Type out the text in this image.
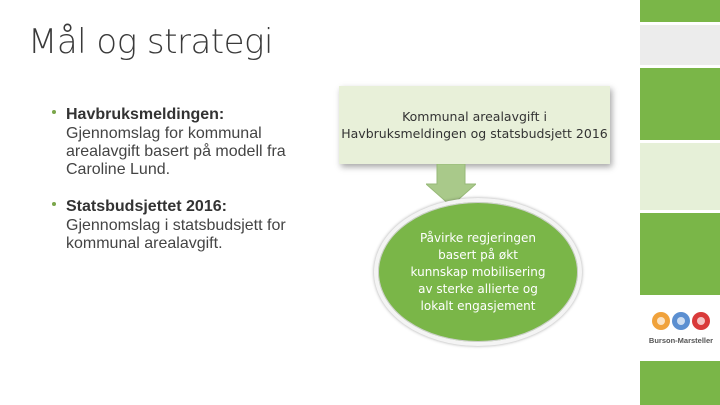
Mål og strategi
Havbruksmeldingen:
Gjennomslag for kommunal arealavgift basert på modell fra Caroline Lund.
Statsbudsjettet 2016:
Gjennomslag i statsbudsjett for kommunal arealavgift.
Kommunal arealavgift i Havbruksmeldingen og statsbudsjett 2016
Påvirke regjeringen basert på økt kunnskap mobilisering av sterke allierte og lokalt engasjement
Burson-Marsteller
